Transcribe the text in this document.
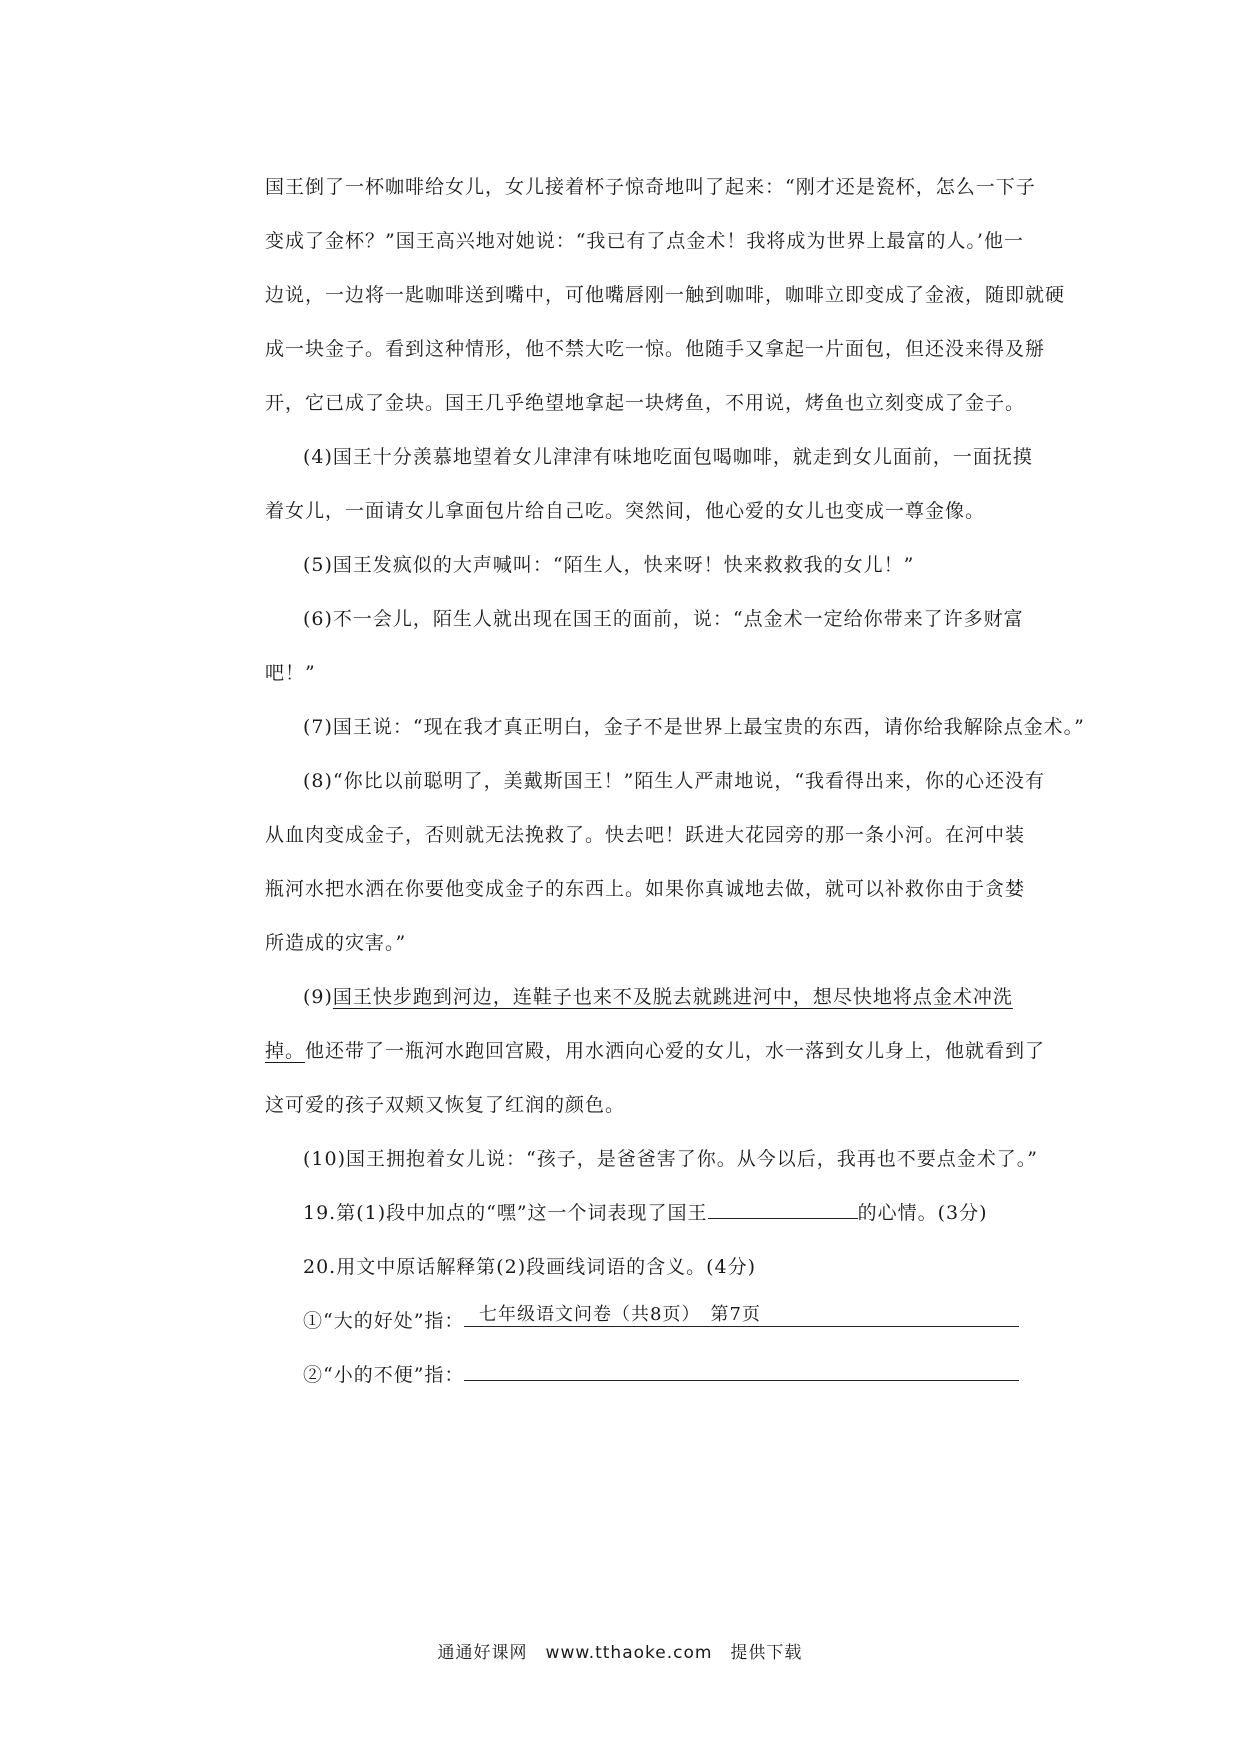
国王倒了一杯咖啡给女儿，女儿接着杯子惊奇地叫了起来：“刚才还是瓷杯，怎么一下子
变成了金杯？”国王高兴地对她说：“我已有了点金术！我将成为世界上最富的人。’他一
边说，一边将一匙咖啡送到嘴中，可他嘴唇刚一触到咖啡，咖啡立即变成了金液，随即就硬
成一块金子。看到这种情形，他不禁大吃一惊。他随手又拿起一片面包，但还没来得及掰
开，它已成了金块。国王几乎绝望地拿起一块烤鱼，不用说，烤鱼也立刻变成了金子。
(4)国王十分羡慕地望着女儿津津有味地吃面包喝咖啡，就走到女儿面前，一面抚摸
着女儿，一面请女儿拿面包片给自己吃。突然间，他心爱的女儿也变成一尊金像。
(5)国王发疯似的大声喊叫：“陌生人，快来呀！快来救救我的女儿！”
(6)不一会儿，陌生人就出现在国王的面前，说：“点金术一定给你带来了许多财富
吧！”
(7)国王说：“现在我才真正明白，金子不是世界上最宝贵的东西，请你给我解除点金术。”
(8)“你比以前聪明了，美戴斯国王！”陌生人严肃地说，“我看得出来，你的心还没有
从血肉变成金子，否则就无法挽救了。快去吧！跃进大花园旁的那一条小河。在河中装
瓶河水把水洒在你要他变成金子的东西上。如果你真诚地去做，就可以补救你由于贪婪
所造成的灾害。”
(9)国王快步跑到河边，连鞋子也来不及脱去就跳进河中，想尽快地将点金术冲洗
掉。他还带了一瓶河水跑回宫殿，用水洒向心爱的女儿，水一落到女儿身上，他就看到了
这可爱的孩子双颊又恢复了红润的颜色。
(10)国王拥抱着女儿说：“孩子，是爸爸害了你。从今以后，我再也不要点金术了。”
19.第(1)段中加点的“嘿”这一个词表现了国王	的心情。(3分)
20.用文中原话解释第(2)段画线词语的含义。(4分)
①“大的好处”指：
②“小的不便”指：
七年级语文问卷（共8页）　第7页
通通好课网　www.tthaoke.com　提供下载
